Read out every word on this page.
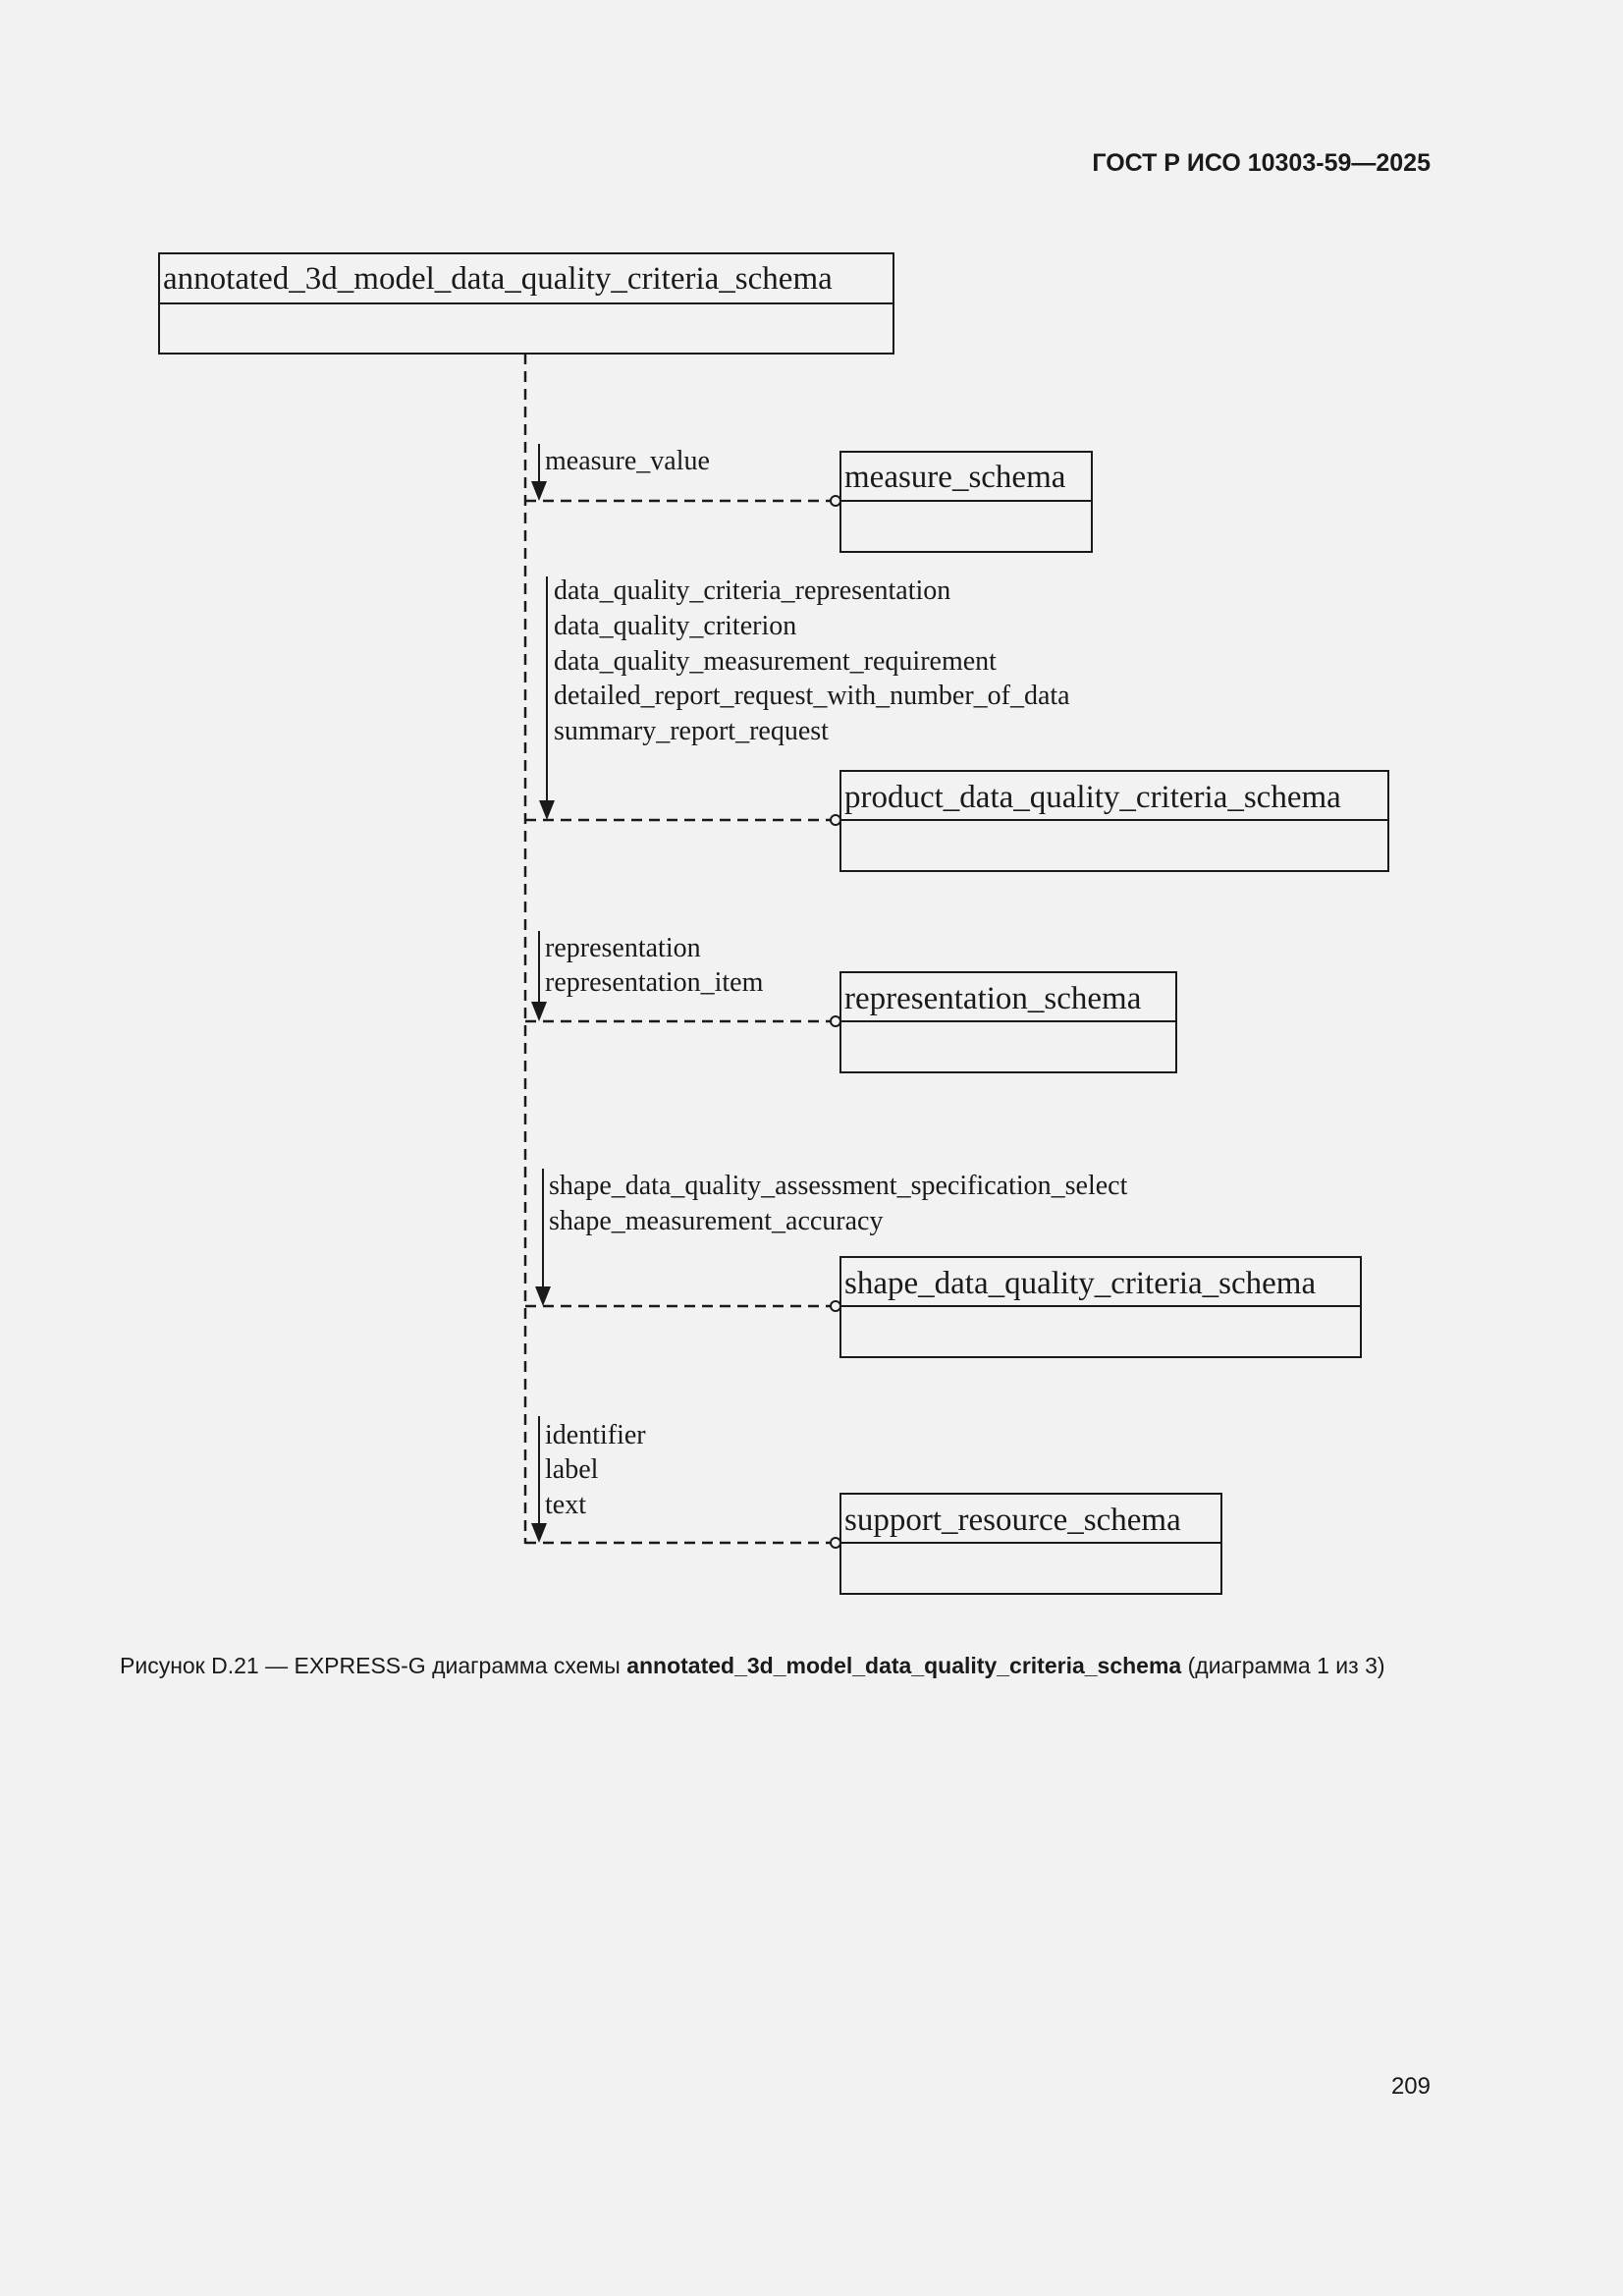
ГОСТ Р ИСО 10303-59—2025
annotated_3d_model_data_quality_criteria_schema
measure_value	measure_schema
data_quality_criteria_representation
data_quality_criterion
data_quality_measurement_requirement
detailed_report_request_with_number_of_data
summary_report_request
product_data_quality_criteria_schema
representation
representation_item	representation_schema
shape_data_quality_assessment_specification_select
shape_measurement_accuracy
shape_data_quality_criteria_schema
identifier
label
text	support_resource_schema
Рисунок D.21 — EXPRESS-G диаграмма схемы annotated_3d_model_data_quality_criteria_schema (диаграмма 1 из 3)
209
